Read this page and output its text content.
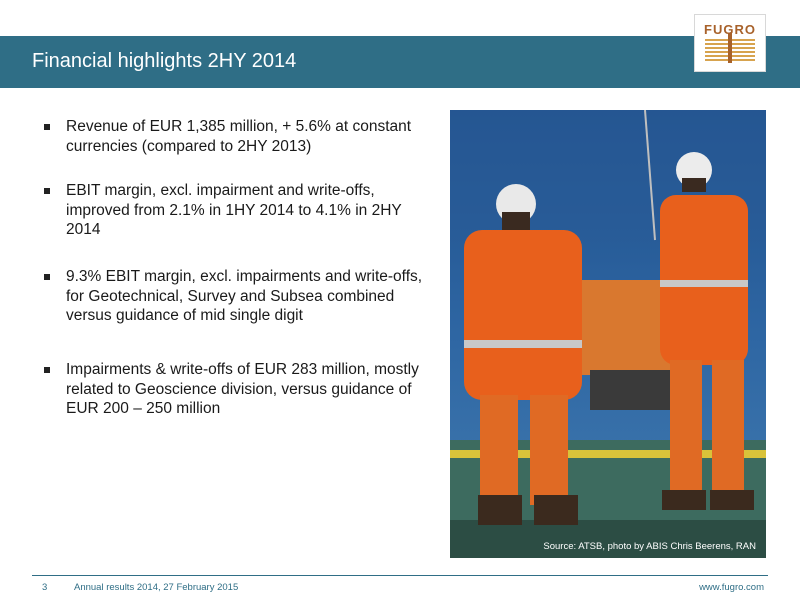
Financial highlights 2HY 2014
FUGRO
Revenue of EUR 1,385 million, + 5.6% at constant currencies (compared to 2HY 2013)
EBIT margin, excl. impairment and write-offs, improved from 2.1% in 1HY 2014 to 4.1% in 2HY 2014
9.3% EBIT margin, excl. impairments and write-offs, for Geotechnical, Survey and Subsea combined versus guidance of mid single digit
Impairments & write-offs of EUR 283 million, mostly related to Geoscience division, versus guidance of EUR 200 – 250 million
Source: ATSB, photo by ABIS Chris Beerens, RAN
3	Annual results 2014, 27 February 2015	www.fugro.com
